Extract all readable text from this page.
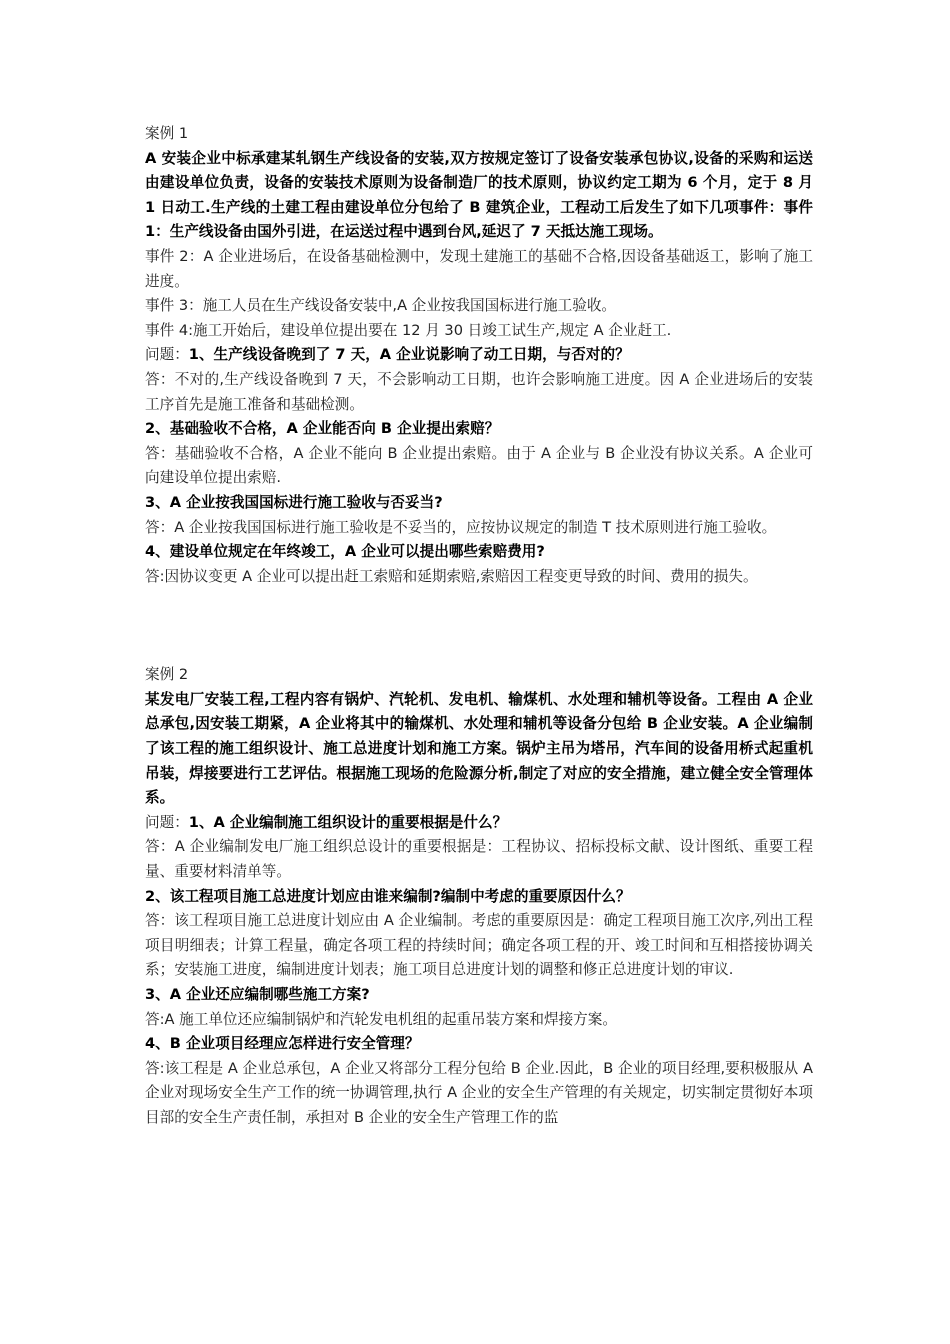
案例 1

A 安装企业中标承建某轧钢生产线设备的安装,双方按规定签订了设备安装承包协议,设备的采购和运送由建设单位负责，设备的安装技术原则为设备制造厂的技术原则，协议约定工期为 6 个月，定于 8 月 1 日动工.生产线的土建工程由建设单位分包给了 B 建筑企业，工程动工后发生了如下几项事件：事件 1：生产线设备由国外引进，在运送过程中遇到台风,延迟了 7 天抵达施工现场。

事件 2：A 企业进场后，在设备基础检测中，发现土建施工的基础不合格,因设备基础返工，影响了施工进度。

事件 3：施工人员在生产线设备安装中,A 企业按我国国标进行施工验收。

事件 4:施工开始后，建设单位提出要在 12 月 30 日竣工试生产,规定 A 企业赶工.

问题：1、生产线设备晚到了 7 天，A 企业说影响了动工日期，与否对的？

答：不对的,生产线设备晚到 7 天，不会影响动工日期，也许会影响施工进度。因 A 企业进场后的安装工序首先是施工准备和基础检测。

2、基础验收不合格，A 企业能否向 B 企业提出索赔？

答：基础验收不合格，A 企业不能向 B 企业提出索赔。由于 A 企业与 B 企业没有协议关系。A 企业可向建设单位提出索赔.

3、A 企业按我国国标进行施工验收与否妥当?

答：A 企业按我国国标进行施工验收是不妥当的，应按协议规定的制造 T 技术原则进行施工验收。

4、建设单位规定在年终竣工，A 企业可以提出哪些索赔费用?

答:因协议变更 A 企业可以提出赶工索赔和延期索赔,索赔因工程变更导致的时间、费用的损失。

案例 2

某发电厂安装工程,工程内容有锅炉、汽轮机、发电机、输煤机、水处理和辅机等设备。工程由 A 企业总承包,因安装工期紧，A 企业将其中的输煤机、水处理和辅机等设备分包给 B 企业安装。A 企业编制了该工程的施工组织设计、施工总进度计划和施工方案。锅炉主吊为塔吊，汽车间的设备用桥式起重机吊装，焊接要进行工艺评估。根据施工现场的危险源分析,制定了对应的安全措施，建立健全安全管理体系。

问题：1、A 企业编制施工组织设计的重要根据是什么？

答：A 企业编制发电厂施工组织总设计的重要根据是：工程协议、招标投标文献、设计图纸、重要工程量、重要材料清单等。

2、该工程项目施工总进度计划应由谁来编制?编制中考虑的重要原因什么？

答：该工程项目施工总进度计划应由 A 企业编制。考虑的重要原因是：确定工程项目施工次序,列出工程项目明细表；计算工程量，确定各项工程的持续时间；确定各项工程的开、竣工时间和互相搭接协调关系；安装施工进度，编制进度计划表；施工项目总进度计划的调整和修正总进度计划的审议.

3、A 企业还应编制哪些施工方案?

答:A 施工单位还应编制锅炉和汽轮发电机组的起重吊装方案和焊接方案。

4、B 企业项目经理应怎样进行安全管理？

答:该工程是 A 企业总承包，A 企业又将部分工程分包给 B 企业.因此，B 企业的项目经理,要积极服从 A 企业对现场安全生产工作的统一协调管理,执行 A 企业的安全生产管理的有关规定，切实制定贯彻好本项目部的安全生产责任制，承担对 B 企业的安全生产管理工作的监
